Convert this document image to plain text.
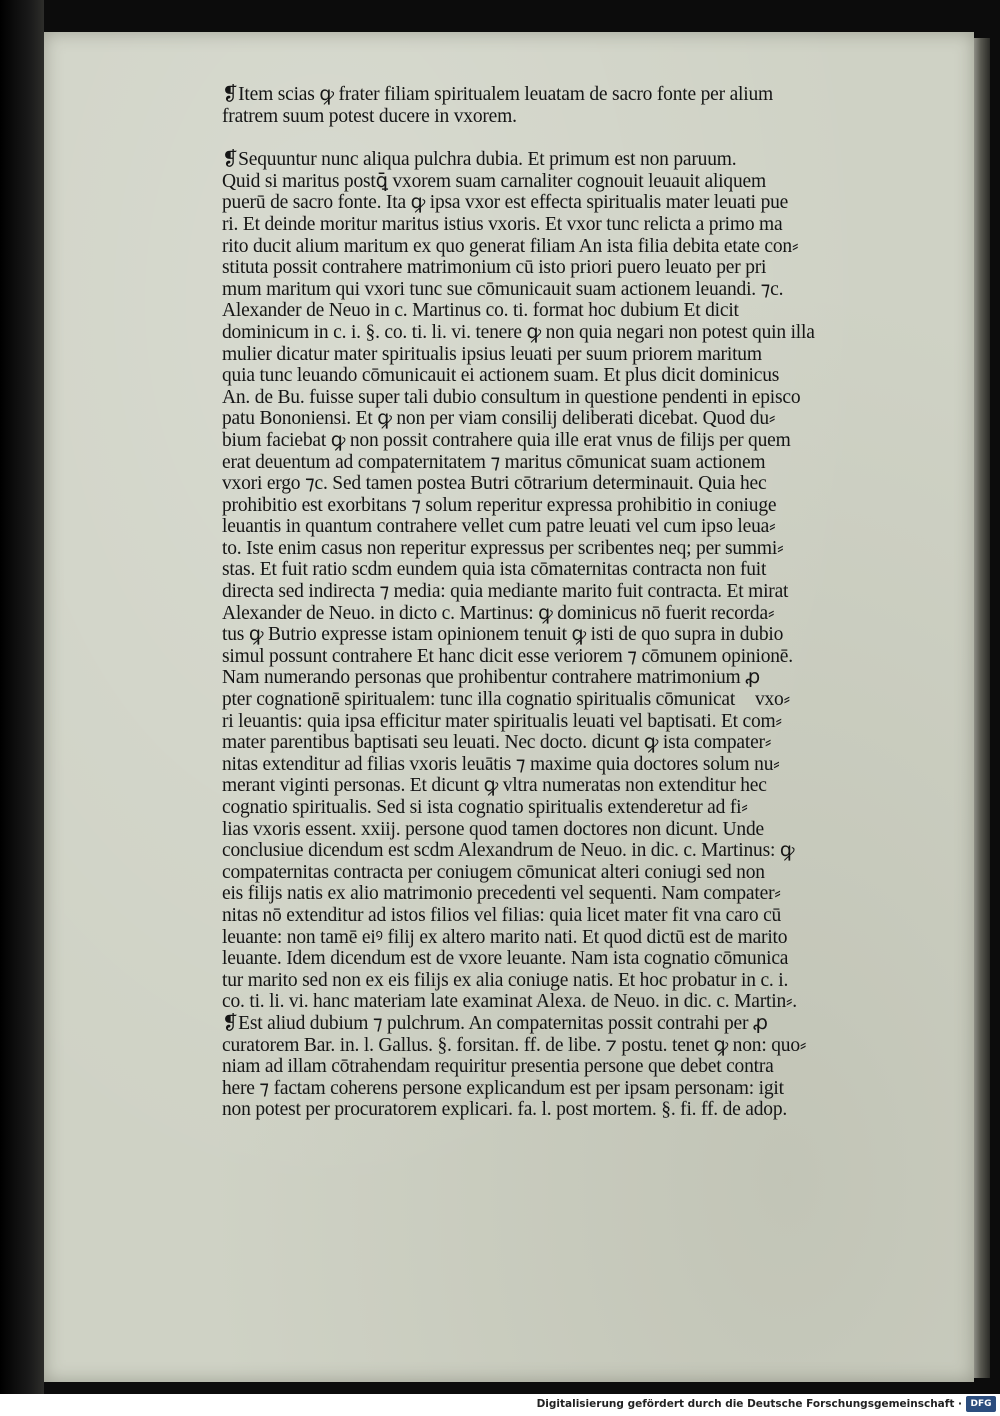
❡Item scias ꝙ frater filiam spiritualem leuatam de sacro fonte per alium
fratrem suum potest ducere in vxorem.
❡Sequuntur nunc aliqua pulchra dubia. Et primum est non paruum.
Quid si maritus postꝗ̄ vxorem suam carnaliter cognouit leuauit aliquem
puerū de sacro fonte. Ita ꝙ ipsa vxor est effecta spiritualis mater leuati pue
ri. Et deinde moritur maritus istius vxoris. Et vxor tunc relicta a primo ma
rito ducit alium maritum ex quo generat filiam An ista filia debita etate con⸗
stituta possit contrahere matrimonium cū isto priori puero leuato per pri
mum maritum qui vxori tunc sue cōmunicauit suam actionem leuandi. ⁊c.
Alexander de Neuo in c. Martinus co. ti. format hoc dubium Et dicit
dominicum in c. i. §. co. ti. li. vi. tenere ꝙ non quia negari non potest quin illa
mulier dicatur mater spiritualis ipsius leuati per suum priorem maritum
quia tunc leuando cōmunicauit ei actionem suam. Et plus dicit dominicus
An. de Bu. fuisse super tali dubio consultum in questione pendenti in episco
patu Bononiensi. Et ꝙ non per viam consilij deliberati dicebat. Quod du⸗
bium faciebat ꝙ non possit contrahere quia ille erat vnus de filijs per quem
erat deuentum ad compaternitatem ⁊ maritus cōmunicat suam actionem
vxori ergo ⁊c. Sed tamen postea Butri cōtrarium determinauit. Quia hec
prohibitio est exorbitans ⁊ solum reperitur expressa prohibitio in coniuge
leuantis in quantum contrahere vellet cum patre leuati vel cum ipso leua⸗
to. Iste enim casus non reperitur expressus per scribentes neq; per summi⸗
stas. Et fuit ratio scdm eundem quia ista cōmaternitas contracta non fuit
directa sed indirecta ⁊ media: quia mediante marito fuit contracta. Et miratᷓ
Alexander de Neuo. in dicto c. Martinus: ꝙ dominicus nō fuerit recorda⸗
tus ꝙ Butrio expresse istam opinionem tenuit ꝙ isti de quo supra in dubio
simul possunt contrahere Et hanc dicit esse veriorem ⁊ cōmunem opinionē.
Nam numerando personas que prohibentur contrahere matrimonium ꝓ
pter cognationē spiritualem: tunc illa cognatio spiritualis cōmunicatᷓ vxo⸗
ri leuantis: quia ipsa efficitur mater spiritualis leuati vel baptisati. Et com⸗
mater parentibus baptisati seu leuati. Nec docto. dicunt ꝙ ista compater⸗
nitas extenditur ad filias vxoris leuātis ⁊ maxime quia doctores solum nu⸗
merant viginti personas. Et dicunt ꝙ vltra numeratas non extenditur hec
cognatio spiritualis. Sed si ista cognatio spiritualis extenderetur ad fi⸗
lias vxoris essent. xxiij. persone quod tamen doctores non dicunt. Unde
conclusiue dicendum est scdm Alexandrum de Neuo. in dic. c. Martinus: ꝙ
compaternitas contracta per coniugem cōmunicat alteri coniugi sed non
eis filijs natis ex alio matrimonio precedenti vel sequenti. Nam compater⸗
nitas nō extenditur ad istos filios vel filias: quia licet mater fit vna caro cū
leuante: non tamē eiꝰ filij ex altero marito nati. Et quod dictū est de marito
leuante. Idem dicendum est de vxore leuante. Nam ista cognatio cōmunica
tur marito sed non ex eis filijs ex alia coniuge natis. Et hoc probatur in c. i.
co. ti. li. vi. hanc materiam late examinat Alexa. de Neuo. in dic. c. Martin⸗.
❡Est aliud dubium ⁊ pulchrum. An compaternitas possit contrahi per ꝓ
curatorem Bar. in. l. Gallus. §. forsitan. ff. de libe. ⁊ postu. tenet ꝙ non: quo⸗
niam ad illam cōtrahendam requiritur presentia persone que debet contra
here ⁊ factam coherens persone explicandum est per ipsam personam: igitᷓ
non potest per procuratorem explicari. fa. l. post mortem. §. fi. ff. de adop.
Digitalisierung gefördert durch die Deutsche Forschungsgemeinschaft · DFG
